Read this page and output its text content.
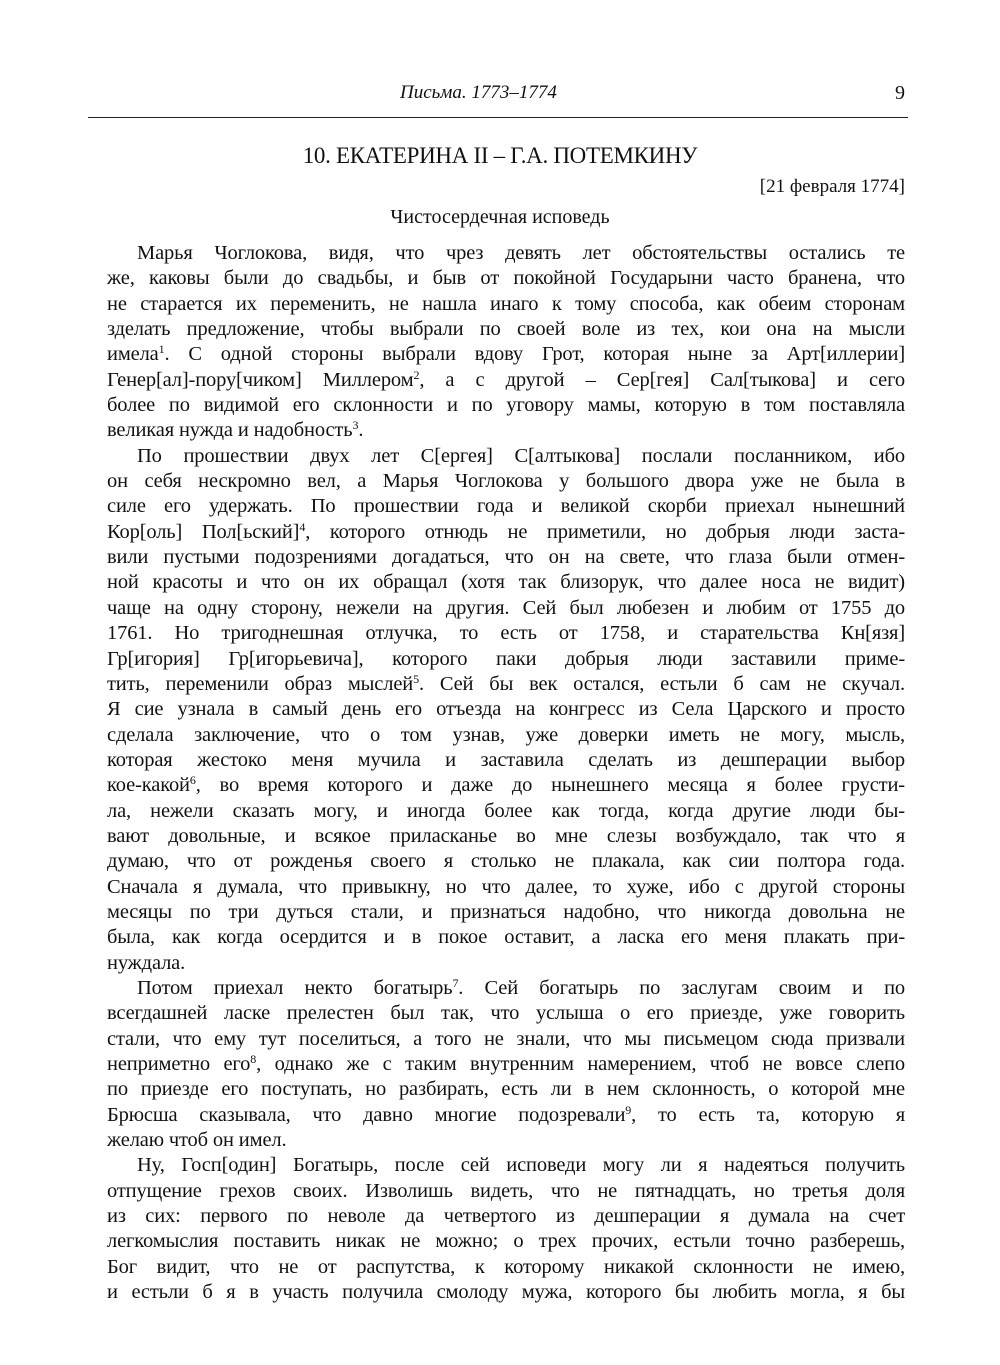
Письма. 1773–1774	9
10. ЕКАТЕРИНА II – Г.А. ПОТЕМКИНУ
[21 февраля 1774]
Чистосердечная исповедь
Марья Чоглокова, видя, что чрез девять лет обстоятельствы остались те
же, каковы были до свадьбы, и быв от покойной Государыни часто бранена, что
не старается их переменить, не нашла инаго к тому способа, как обеим сторонам
зделать предложение, чтобы выбрали по своей воле из тех, кои она на мысли
имела$^1$. С одной стороны выбрали вдову Грот, которая ныне за Арт[иллерии]
Генер[ал]-пору[чиком] Миллером$^2$, а с другой – Сер[гея] Сал[тыкова] и сего
более по видимой его склонности и по уговору мамы, которую в том поставляла
великая нужда и надобность$^3$.
По прошествии двух лет С[ергея] С[алтыкова] послали посланником, ибо
он себя нескромно вел, а Марья Чоглокова у большого двора уже не была в
силе его удержать. По прошествии года и великой скорби приехал нынешний
Кор[оль] Пол[ьский]$^4$, которого отнюдь не приметили, но добрыя люди заста-
вили пустыми подозрениями догадаться, что он на свете, что глаза были отмен-
ной красоты и что он их обращал (хотя так близорук, что далее носа не видит)
чаще на одну сторону, нежели на другия. Сей был любезен и любим от 1755 до
1761. Но тригоднешная отлучка, то есть от 1758, и старательства Кн[язя]
Гр[игория] Гр[игорьевича], которого паки добрыя люди заставили приме-
тить, переменили образ мыслей$^5$. Сей бы век остался, естьли б сам не скучал.
Я сие узнала в самый день его отъезда на конгресс из Села Царского и просто
сделала заключение, что о том узнав, уже доверки иметь не могу, мысль,
которая жестоко меня мучила и заставила сделать из дешперации выбор
кое-какой$^6$, во время которого и даже до нынешнего месяца я более грусти-
ла, нежели сказать могу, и иногда более как тогда, когда другие люди бы-
вают довольные, и всякое приласканье во мне слезы возбуждало, так что я
думаю, что от рожденья своего я столько не плакала, как сии полтора года.
Сначала я думала, что привыкну, но что далее, то хуже, ибо с другой стороны
месяцы по три дуться стали, и признаться надобно, что никогда довольна не
была, как когда осердится и в покое оставит, а ласка его меня плакать при-
нуждала.
Потом приехал некто богатырь$^7$. Сей богатырь по заслугам своим и по
всегдашней ласке прелестен был так, что услыша о его приезде, уже говорить
стали, что ему тут поселиться, а того не знали, что мы письмецом сюда призвали
неприметно его$^8$, однако же с таким внутренним намерением, чтоб не вовсе слепо
по приезде его поступать, но разбирать, есть ли в нем склонность, о которой мне
Брюсша сказывала, что давно многие подозревали$^9$, то есть та, которую я
желаю чтоб он имел.
Ну, Госп[один] Богатырь, после сей исповеди могу ли я надеяться получить
отпущение грехов своих. Изволишь видеть, что не пятнадцать, но третья доля
из сих: первого по неволе да четвертого из дешперации я думала на счет
легкомыслия поставить никак не можно; о трех прочих, естьли точно разберешь,
Бог видит, что не от распутства, к которому никакой склонности не имею,
и естьли б я в участь получила смолоду мужа, которого бы любить могла, я бы
